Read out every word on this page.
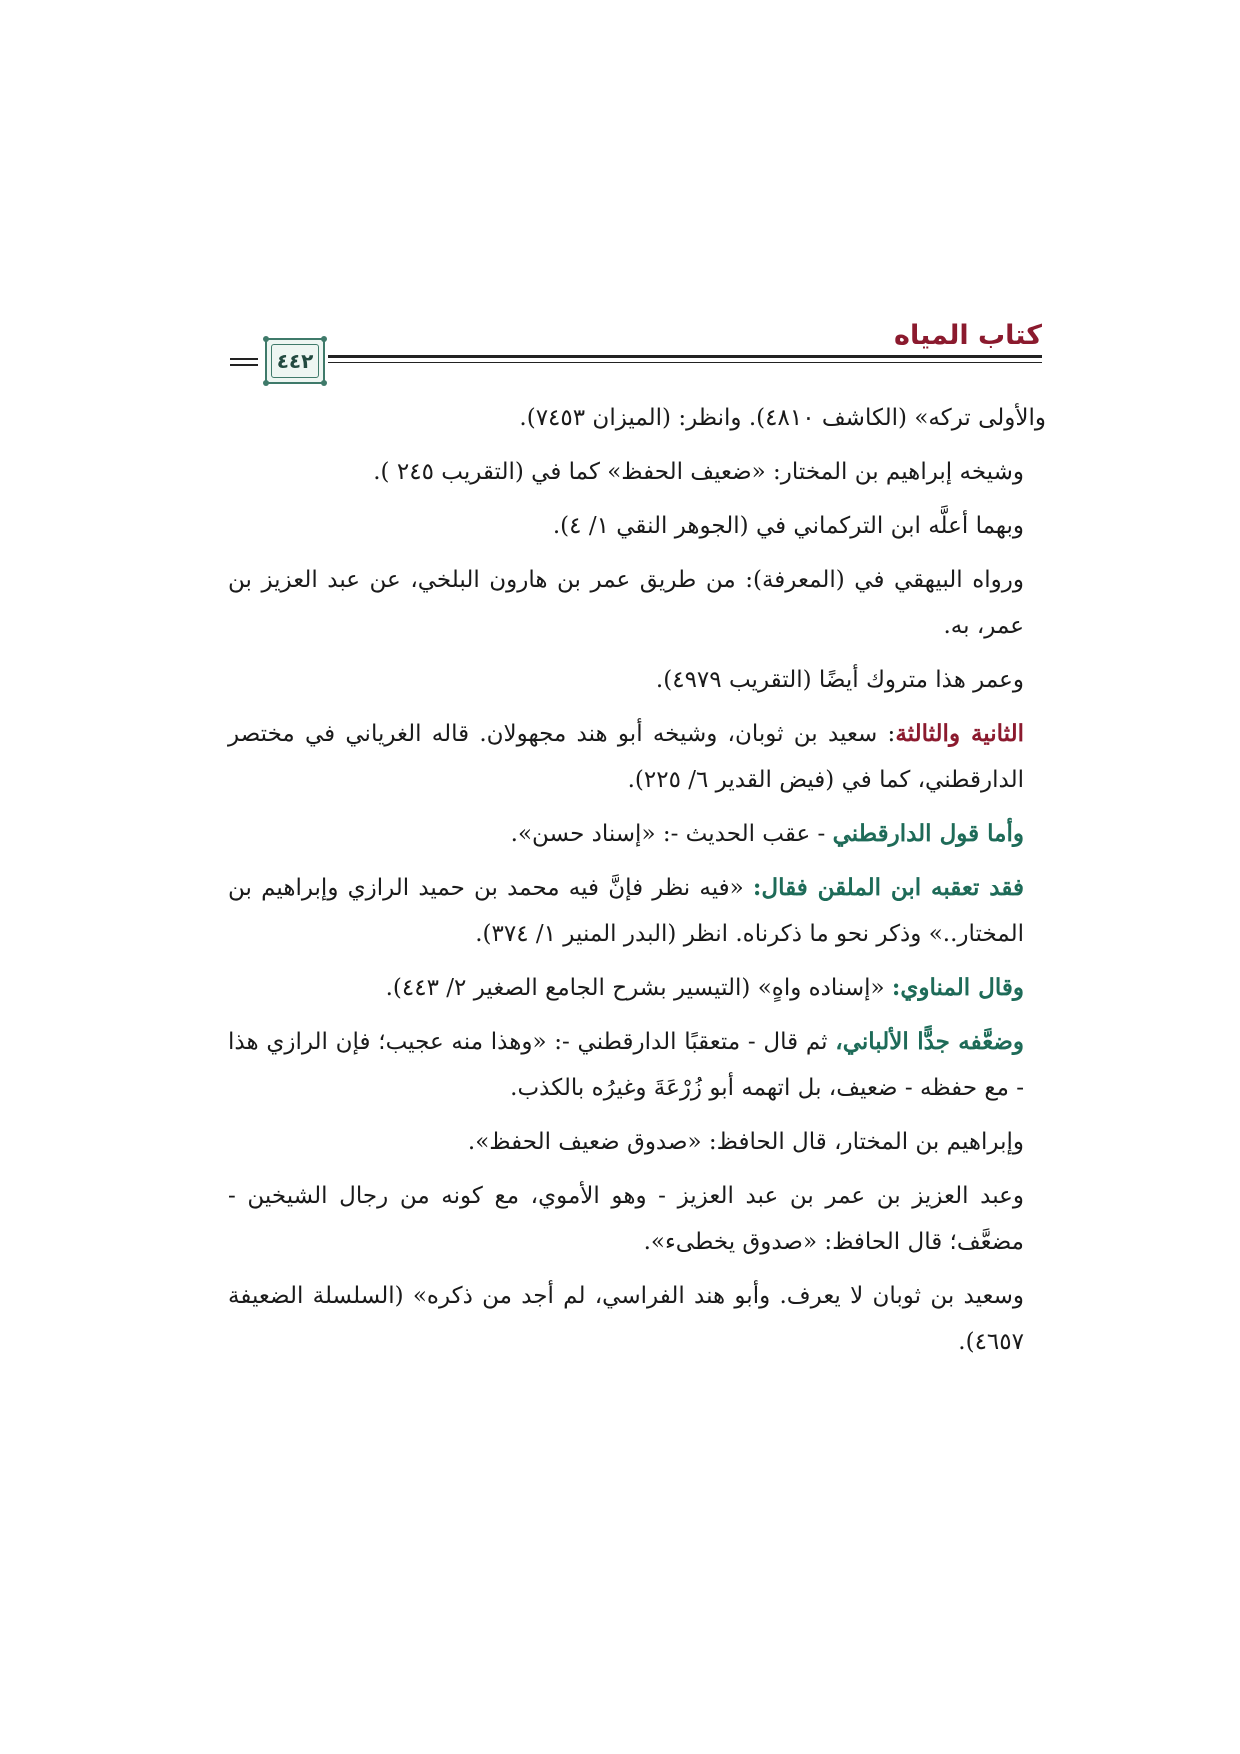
كتاب المياه
٤٤٢

والأولى تركه» (الكاشف ٤٨١٠). وانظر: (الميزان ٧٤٥٣).

وشيخه إبراهيم بن المختار: «ضعيف الحفظ» كما في (التقريب ٢٤٥ ).

وبهما أعلَّه ابن التركماني في (الجوهر النقي ١/ ٤).

ورواه البيهقي في (المعرفة): من طريق عمر بن هارون البلخي، عن عبد العزيز بن عمر، به.

وعمر هذا متروك أيضًا (التقريب ٤٩٧٩).

الثانية والثالثة: سعيد بن ثوبان، وشيخه أبو هند مجهولان. قاله الغرياني في مختصر الدارقطني، كما في (فيض القدير ٦/ ٢٢٥).

وأما قول الدارقطني - عقب الحديث -: «إسناد حسن».

فقد تعقبه ابن الملقن فقال: «فيه نظر فإنَّ فيه محمد بن حميد الرازي وإبراهيم بن المختار..» وذكر نحو ما ذكرناه. انظر (البدر المنير ١/ ٣٧٤).

وقال المناوي: «إسناده واهٍ» (التيسير بشرح الجامع الصغير ٢/ ٤٤٣).

وضعَّفه جدًّا الألباني، ثم قال - متعقبًا الدارقطني -: «وهذا منه عجيب؛ فإن الرازي هذا - مع حفظه - ضعيف، بل اتهمه أبو زُرْعَةَ وغيرُه بالكذب.

وإبراهيم بن المختار، قال الحافظ: «صدوق ضعيف الحفظ».

وعبد العزيز بن عمر بن عبد العزيز - وهو الأموي، مع كونه من رجال الشيخين - مضعَّف؛ قال الحافظ: «صدوق يخطىء».

وسعيد بن ثوبان لا يعرف. وأبو هند الفراسي، لم أجد من ذكره» (السلسلة الضعيفة ٤٦٥٧).
